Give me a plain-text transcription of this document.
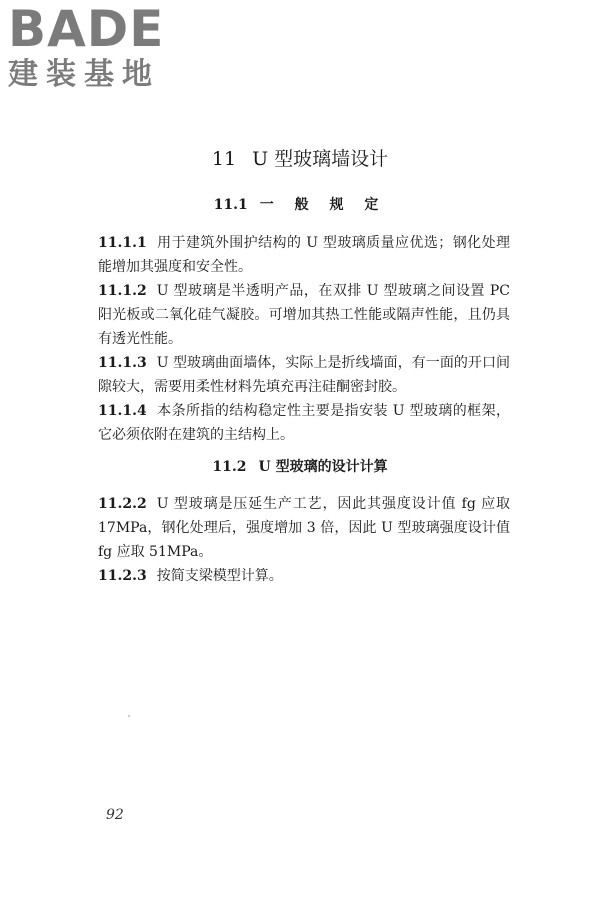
BADE
建装基地
11 U 型玻璃墙设计
11.1 一 般 规 定

11.1.1 用于建筑外围护结构的 U 型玻璃质量应优选；钢化处理能增加其强度和安全性。

11.1.2 U 型玻璃是半透明产品，在双排 U 型玻璃之间设置 PC 阳光板或二氧化硅气凝胶。可增加其热工性能或隔声性能，且仍具有透光性能。

11.1.3 U 型玻璃曲面墙体，实际上是折线墙面，有一面的开口间隙较大，需要用柔性材料先填充再注硅酮密封胶。

11.1.4 本条所指的结构稳定性主要是指安装 U 型玻璃的框架，它必须依附在建筑的主结构上。

11.2 U 型玻璃的设计计算

11.2.2 U 型玻璃是压延生产工艺，因此其强度设计值 fg 应取 17MPa，钢化处理后，强度增加 3 倍，因此 U 型玻璃强度设计值 fg 应取 51MPa。

11.2.3 按简支梁模型计算。

92
